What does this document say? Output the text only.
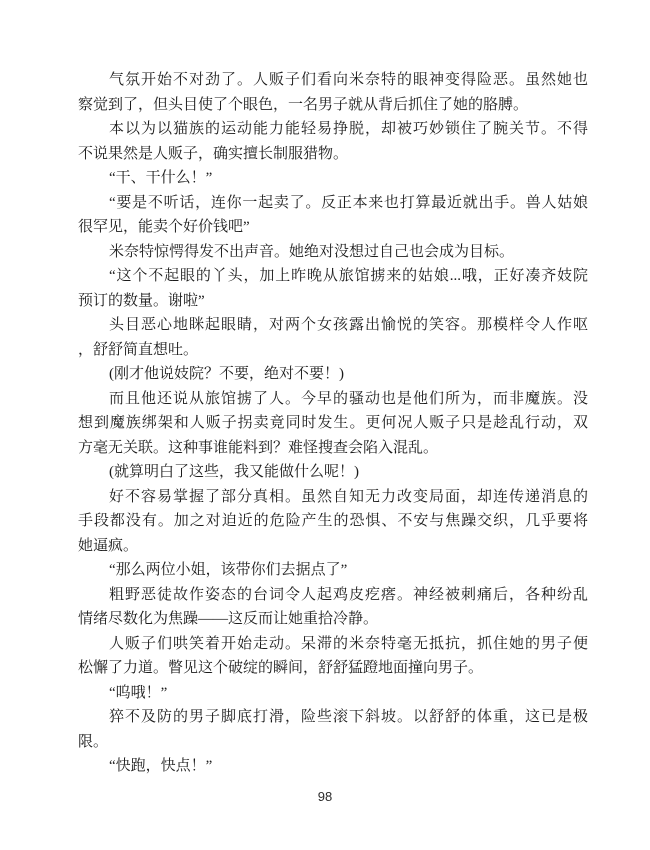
气氛开始不对劲了。人贩子们看向米奈特的眼神变得险恶。虽然她也
察觉到了，但头目使了个眼色，一名男子就从背后抓住了她的胳膊。
本以为以猫族的运动能力能轻易挣脱，却被巧妙锁住了腕关节。不得
不说果然是人贩子，确实擅长制服猎物。
“干、干什么！”
“要是不听话，连你一起卖了。反正本来也打算最近就出手。兽人姑娘
很罕见，能卖个好价钱吧”
米奈特惊愕得发不出声音。她绝对没想过自己也会成为目标。
“这个不起眼的丫头，加上昨晚从旅馆掳来的姑娘...哦，正好凑齐妓院
预订的数量。谢啦”
头目恶心地眯起眼睛，对两个女孩露出愉悦的笑容。那模样令人作呕
，舒舒简直想吐。
(刚才他说妓院？不要，绝对不要！)
而且他还说从旅馆掳了人。今早的骚动也是他们所为，而非魔族。没
想到魔族绑架和人贩子拐卖竟同时发生。更何况人贩子只是趁乱行动，双
方毫无关联。这种事谁能料到？难怪搜查会陷入混乱。
(就算明白了这些，我又能做什么呢！)
好不容易掌握了部分真相。虽然自知无力改变局面，却连传递消息的
手段都没有。加之对迫近的危险产生的恐惧、不安与焦躁交织，几乎要将
她逼疯。
“那么两位小姐，该带你们去据点了”
粗野恶徒故作姿态的台词令人起鸡皮疙瘩。神经被刺痛后，各种纷乱
情绪尽数化为焦躁——这反而让她重拾冷静。
人贩子们哄笑着开始走动。呆滞的米奈特毫无抵抗，抓住她的男子便
松懈了力道。瞥见这个破绽的瞬间，舒舒猛蹬地面撞向男子。
“呜哦！”
猝不及防的男子脚底打滑，险些滚下斜坡。以舒舒的体重，这已是极
限。
“快跑，快点！”
98
